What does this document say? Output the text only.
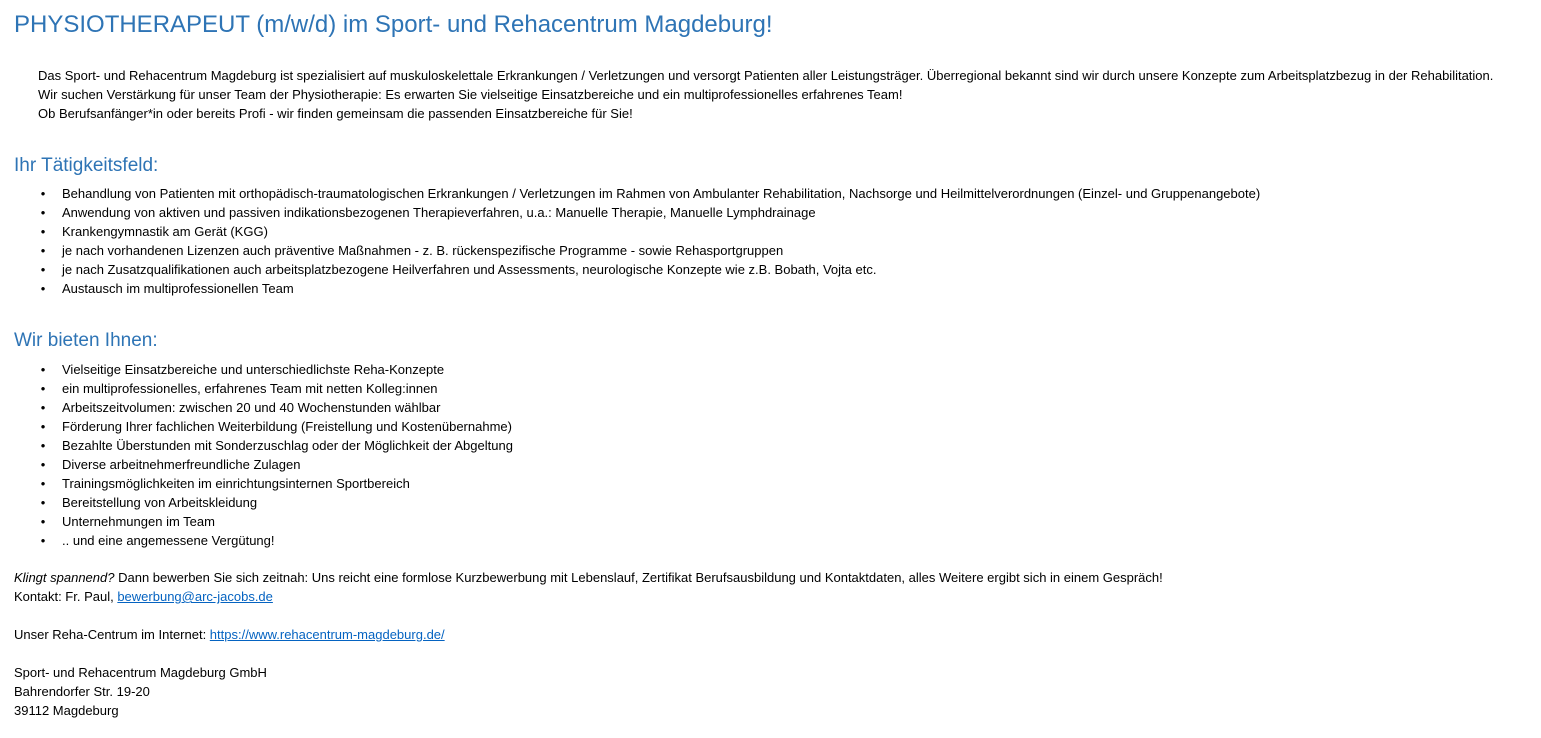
PHYSIOTHERAPEUT (m/w/d) im Sport- und Rehacentrum Magdeburg!
Das Sport- und Rehacentrum Magdeburg ist spezialisiert auf muskuloskelettale Erkrankungen / Verletzungen und versorgt Patienten aller Leistungsträger. Überregional bekannt sind wir durch unsere Konzepte zum Arbeitsplatzbezug in der Rehabilitation.
Wir suchen Verstärkung für unser Team der Physiotherapie: Es erwarten Sie vielseitige Einsatzbereiche und ein multiprofessionelles erfahrenes Team!
Ob Berufsanfänger*in oder bereits Profi - wir finden gemeinsam die passenden Einsatzbereiche für Sie!
Ihr Tätigkeitsfeld:
• Behandlung von Patienten mit orthopädisch-traumatologischen Erkrankungen / Verletzungen im Rahmen von Ambulanter Rehabilitation, Nachsorge und Heilmittelverordnungen (Einzel- und Gruppenangebote)
• Anwendung von aktiven und passiven indikationsbezogenen Therapieverfahren, u.a.: Manuelle Therapie, Manuelle Lymphdrainage
• Krankengymnastik am Gerät (KGG)
• je nach vorhandenen Lizenzen auch präventive Maßnahmen - z. B. rückenspezifische Programme - sowie Rehasportgruppen
• je nach Zusatzqualifikationen auch arbeitsplatzbezogene Heilverfahren und Assessments, neurologische Konzepte wie z.B. Bobath, Vojta etc.
• Austausch im multiprofessionellen Team
Wir bieten Ihnen:
• Vielseitige Einsatzbereiche und unterschiedlichste Reha-Konzepte
• ein multiprofessionelles, erfahrenes Team mit netten Kolleg:innen
• Arbeitszeitvolumen: zwischen 20 und 40 Wochenstunden wählbar
• Förderung Ihrer fachlichen Weiterbildung (Freistellung und Kostenübernahme)
• Bezahlte Überstunden mit Sonderzuschlag oder der Möglichkeit der Abgeltung
• Diverse arbeitnehmerfreundliche Zulagen
• Trainingsmöglichkeiten im einrichtungsinternen Sportbereich
• Bereitstellung von Arbeitskleidung
• Unternehmungen im Team
• .. und eine angemessene Vergütung!
Klingt spannend? Dann bewerben Sie sich zeitnah: Uns reicht eine formlose Kurzbewerbung mit Lebenslauf, Zertifikat Berufsausbildung und Kontaktdaten, alles Weitere ergibt sich in einem Gespräch!
Kontakt: Fr. Paul, bewerbung@arc-jacobs.de
Unser Reha-Centrum im Internet: https://www.rehacentrum-magdeburg.de/
Sport- und Rehacentrum Magdeburg GmbH
Bahrendorfer Str. 19-20
39112 Magdeburg
